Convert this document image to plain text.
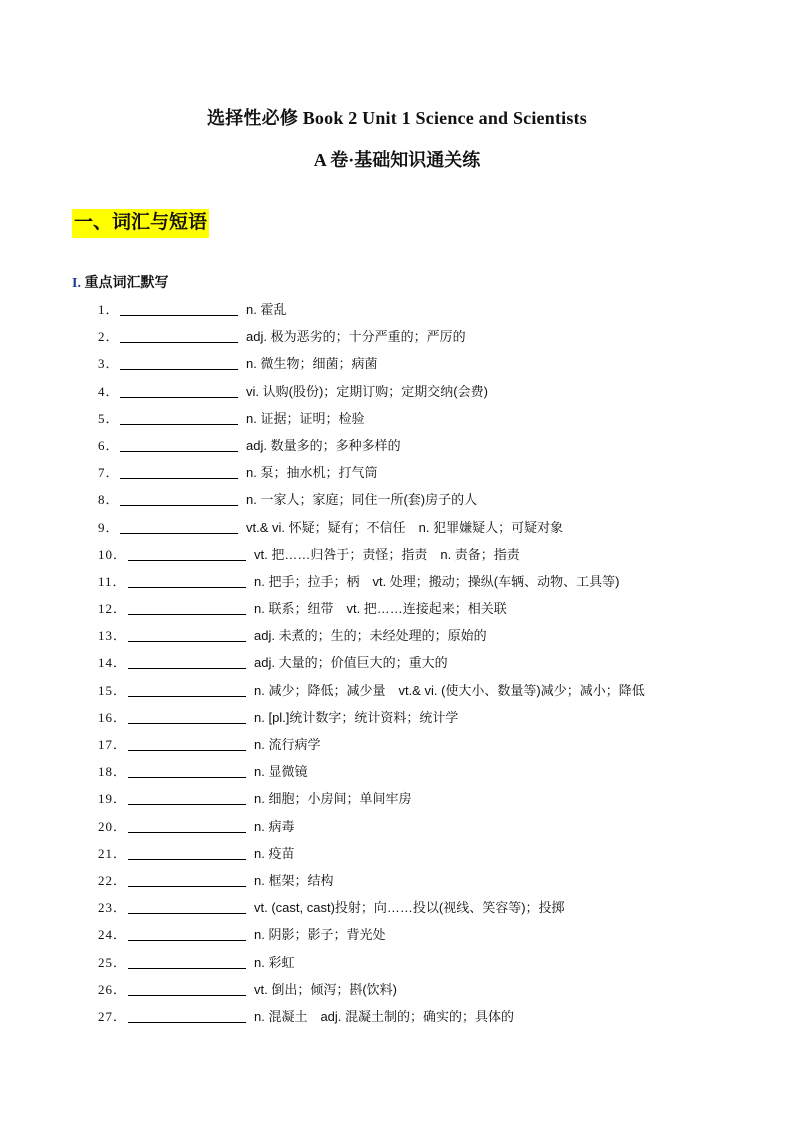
选择性必修 Book 2 Unit 1 Science and Scientists
A 卷·基础知识通关练
一、词汇与短语
I. 重点词汇默写
1．	n. 霍乱
2．	adj. 极为恶劣的；十分严重的；严厉的
3．	n. 微生物；细菌；病菌
4．	vi. 认购(股份)；定期订购；定期交纳(会费)
5．	n. 证据；证明；检验
6．	adj. 数量多的；多种多样的
7．	n. 泵；抽水机；打气筒
8．	n. 一家人；家庭；同住一所(套)房子的人
9．	vt.& vi. 怀疑；疑有；不信任　n. 犯罪嫌疑人；可疑对象
10．	vt. 把……归咎于；责怪；指责　n. 责备；指责
11．	n. 把手；拉手；柄　vt. 处理；搬动；操纵(车辆、动物、工具等)
12．	n. 联系；纽带　vt. 把……连接起来；相关联
13．	adj. 未煮的；生的；未经处理的；原始的
14．	adj. 大量的；价值巨大的；重大的
15．	n. 减少；降低；减少量　vt.& vi. (使大小、数量等)减少；减小；降低
16．	n. [pl.]统计数字；统计资料；统计学
17．	n. 流行病学
18．	n. 显微镜
19．	n. 细胞；小房间；单间牢房
20．	n. 病毒
21．	n. 疫苗
22．	n. 框架；结构
23．	vt. (cast, cast)投射；向……投以(视线、笑容等)；投掷
24．	n. 阴影；影子；背光处
25．	n. 彩虹
26．	vt. 倒出；倾泻；斟(饮料)
27．	n. 混凝土　adj. 混凝土制的；确实的；具体的
